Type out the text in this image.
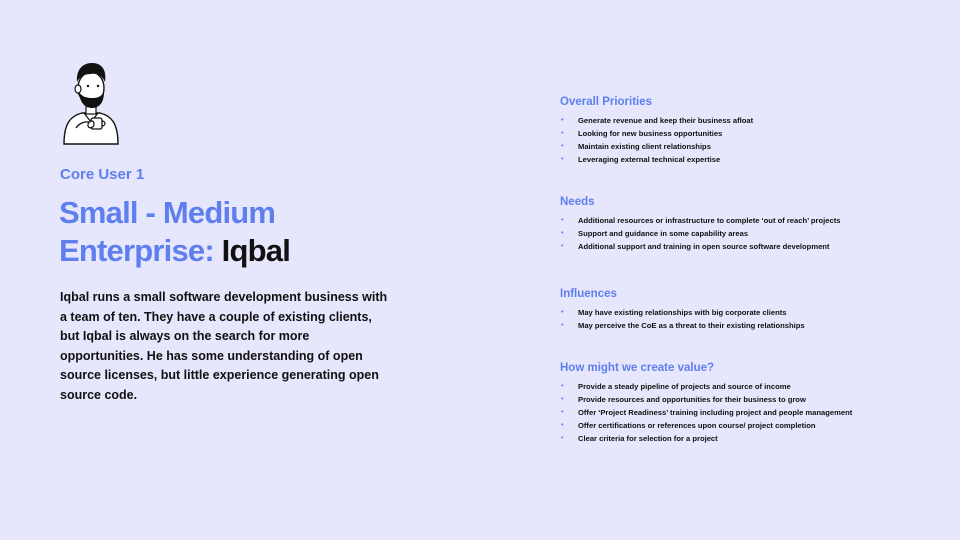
Core User 1
Small - Medium
Enterprise: Iqbal

Iqbal runs a small software development business with a team of ten. They have a couple of existing clients, but Iqbal is always on the search for more opportunities. He has some understanding of open source licenses, but little experience generating open source code.

Overall Priorities
• Generate revenue and keep their business afloat
• Looking for new business opportunities
• Maintain existing client relationships
• Leveraging external technical expertise
Needs
• Additional resources or infrastructure to complete ‘out of reach’ projects
• Support and guidance in some capability areas
• Additional support and training in open source software development
Influences
• May have existing relationships with big corporate clients
• May perceive the CoE as a threat to their existing relationships
How might we create value?
• Provide a steady pipeline of projects and source of income
• Provide resources and opportunities for their business to grow
• Offer ‘Project Readiness’ training including project and people management
• Offer certifications or references upon course/ project completion
• Clear criteria for selection for a project
